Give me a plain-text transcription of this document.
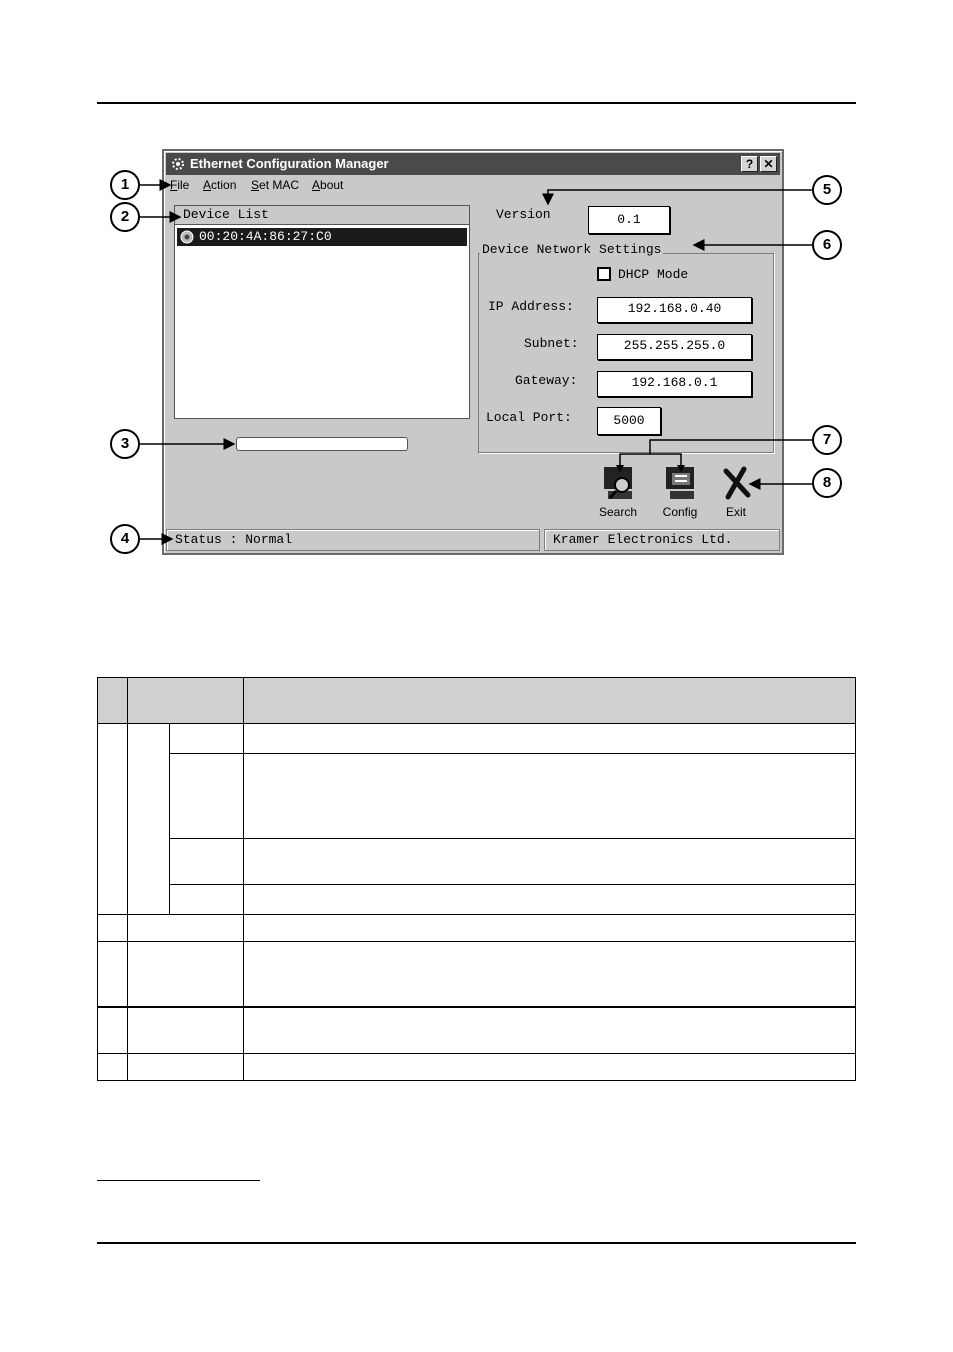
Ethernet Configuration Manager	? ✕
File Action Set MAC About
Device List
00:20:4A:86:27:C0
Version	0.1
Device Network Settings
DHCP Mode
IP Address:	192.168.0.40
Subnet:	255.255.255.0
Gateway:	192.168.0.1
Local Port:	5000
Search	Config	Exit
Status : Normal	Kramer Electronics Ltd.
1
2
3
4
5
6
7
8
